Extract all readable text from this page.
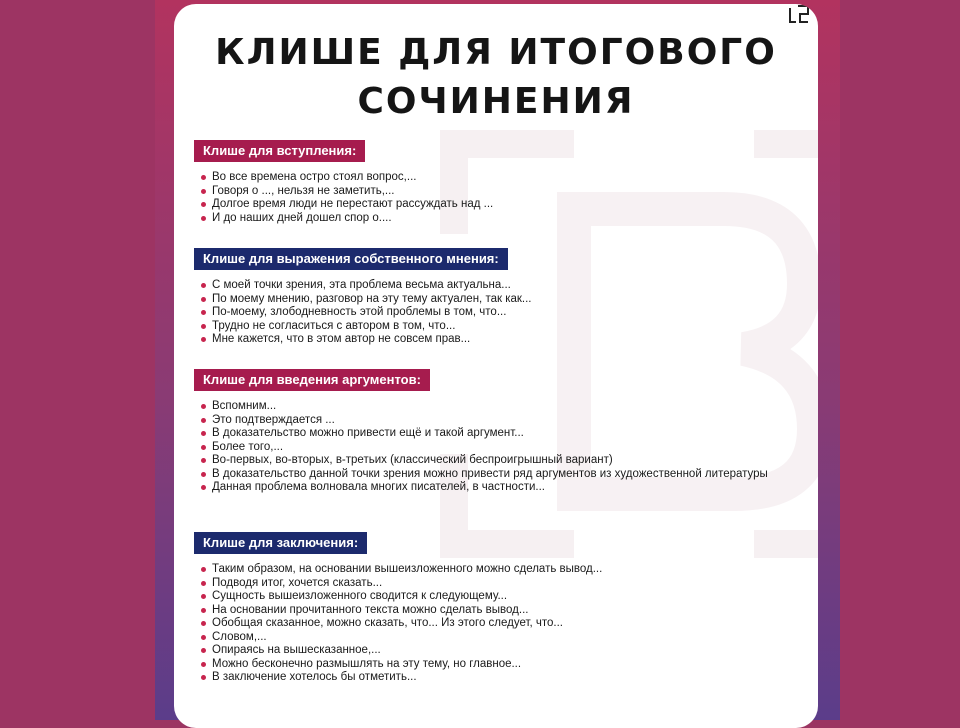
КЛИШЕ ДЛЯ ИТОГОВОГО
СОЧИНЕНИЯ
Клише для вступления:
Во все времена остро стоял вопрос,...
Говоря о ..., нельзя не заметить,...
Долгое время люди не перестают рассуждать над ...
И до наших дней дошел спор о....
Клише для выражения собственного мнения:
С моей точки зрения, эта проблема весьма актуальна...
По моему мнению, разговор на эту тему актуален, так как...
По-моему, злободневность этой проблемы в том, что...
Трудно не согласиться с автором в том, что...
Мне кажется, что в этом автор не совсем прав...
Клише для введения аргументов:
Вспомним...
Это подтверждается ...
В доказательство можно привести ещё и такой аргумент...
Более того,...
Во-первых, во-вторых, в-третьих (классический беспроигрышный вариант)
В доказательство данной точки зрения можно привести ряд аргументов из художественной литературы
Данная проблема волновала многих писателей, в частности...
Клише для заключения:
Таким образом, на основании вышеизложенного можно сделать вывод...
Подводя итог, хочется сказать...
Сущность вышеизложенного сводится к следующему...
На основании прочитанного текста можно сделать вывод...
Обобщая сказанное, можно сказать, что... Из этого следует, что...
Словом,...
Опираясь на вышесказанное,...
Можно бесконечно размышлять на эту тему, но главное...
В заключение хотелось бы отметить...
